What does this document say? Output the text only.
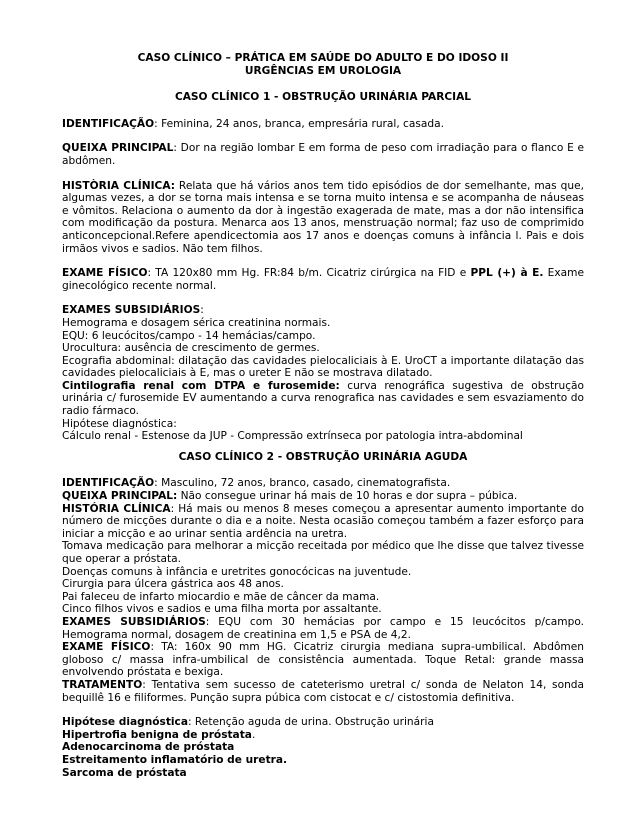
CASO CLÍNICO – PRÁTICA EM SAÚDE DO ADULTO E DO IDOSO II
URGÊNCIAS EM UROLOGIA
CASO CLÍNICO 1 - OBSTRUÇÃO URINÁRIA PARCIAL

IDENTIFICAÇÃO: Feminina, 24 anos, branca, empresária rural, casada.

QUEIXA PRINCIPAL: Dor na região lombar E em forma de peso com irradiação para o flanco E e abdômen.

HISTÒRIA CLÍNICA: Relata que há vários anos tem tido episódios de dor semelhante, mas que, algumas vezes, a dor se torna mais intensa e se torna muito intensa e se acompanha de náuseas e vômitos. Relaciona o aumento da dor à ingestão exagerada de mate, mas a dor não intensifica com modificação da postura. Menarca aos 13 anos, menstruação normal; faz uso de comprimido anticoncepcional.Refere apendicectomia aos 17 anos e doenças comuns à infância l. Pais e dois irmãos vivos e sadios. Não tem filhos.

EXAME FÍSICO: TA 120x80 mm Hg. FR:84 b/m. Cicatriz cirúrgica na FID e PPL (+) à E. Exame ginecológico recente normal.

EXAMES SUBSIDIÁRIOS:

Hemograma e dosagem sérica creatinina normais.

EQU: 6 leucócitos/campo - 14 hemácias/campo.

Urocultura: ausência de crescimento de germes.

Ecografia abdominal: dilatação das cavidades pielocaliciais à E. UroCT a importante dilatação das cavidades pielocaliciais à E, mas o ureter E não se mostrava dilatado.

Cintilografia renal com DTPA e furosemide: curva renográfica sugestiva de obstrução urinária c/ furosemide EV aumentando a curva renografica nas cavidades e sem esvaziamento do radio fármaco.

Hipótese diagnóstica:

Cálculo renal - Estenose da JUP - Compressão extrínseca por patologia intra-abdominal

CASO CLÍNICO 2 - OBSTRUÇÃO URINÁRIA AGUDA

IDENTIFICAÇÃO: Masculino, 72 anos, branco, casado, cinematografista.

QUEIXA PRINCIPAL: Não consegue urinar há mais de 10 horas e dor supra – púbica.

HISTÓRIA CLÍNICA: Há mais ou menos 8 meses começou a apresentar aumento importante do número de micções durante o dia e a noite. Nesta ocasião começou também a fazer esforço para iniciar a micção e ao urinar sentia ardência na uretra.

Tomava medicação para melhorar a micção receitada por médico que lhe disse que talvez tivesse que operar a próstata.

Doenças comuns à infância e uretrites gonocócicas na juventude.

Cirurgia para úlcera gástrica aos 48 anos.

Pai faleceu de infarto miocardio e mãe de câncer da mama.

Cinco filhos vivos e sadios e uma filha morta por assaltante.

EXAMES SUBSIDIÁRIOS: EQU com 30 hemácias por campo e 15 leucócitos p/campo. Hemograma normal, dosagem de creatinina em 1,5 e PSA de 4,2.

EXAME FÍSICO: TA: 160x 90 mm HG. Cicatriz cirurgia mediana supra-umbilical. Abdômen globoso c/ massa infra-umbilical de consistência aumentada. Toque Retal: grande massa envolvendo próstata e bexiga.

TRATAMENTO: Tentativa sem sucesso de cateterismo uretral c/ sonda de Nelaton 14, sonda bequillê 16 e filiformes. Punção supra púbica com cistocat e c/ cistostomia definitiva.

Hipótese diagnóstica: Retenção aguda de urina. Obstrução urinária

Hipertrofia benigna de próstata.

Adenocarcinoma de próstata

Estreitamento inflamatório de uretra.

Sarcoma de próstata
